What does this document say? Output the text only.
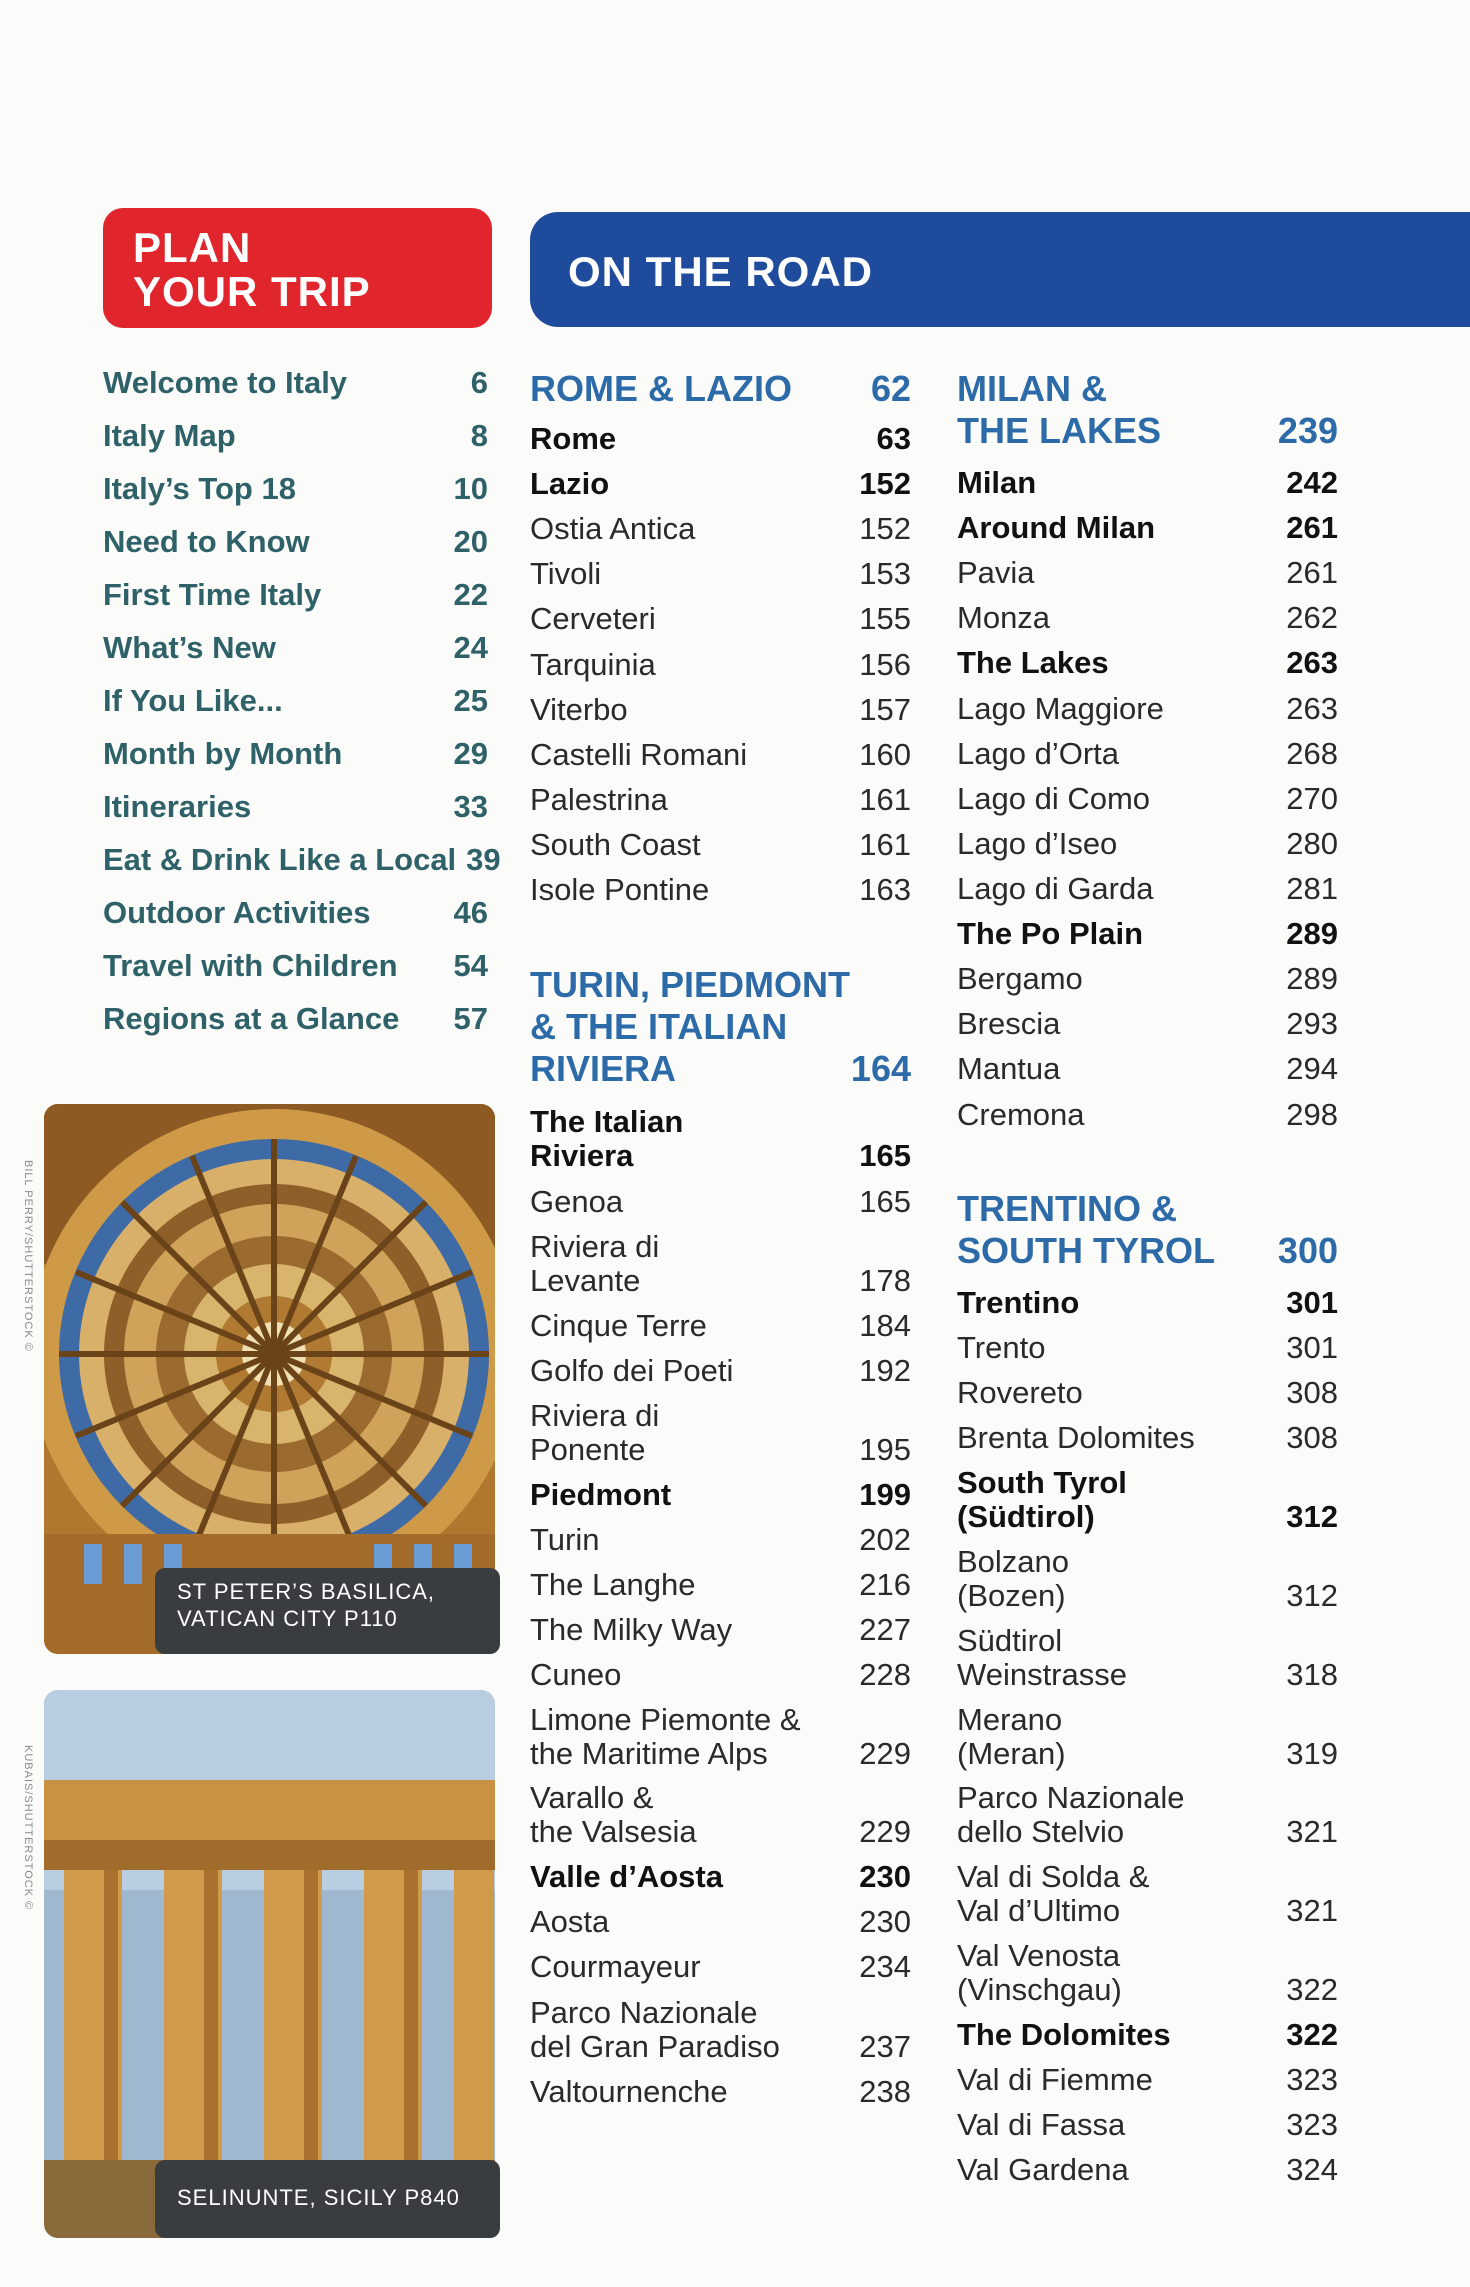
PLAN
YOUR TRIP	ON THE ROAD
Welcome to Italy . . .	6
Italy Map . . .	8
Italy’s Top 18 . . .	10
Need to Know . . .	20
First Time Italy . . .	22
What’s New . . .	24
If You Like... . . .	25
Month by Month . . .	29
Itineraries . . .	33
Eat & Drink Like a Local 39
Outdoor Activities . . .	46
Travel with Children . . . 54
Regions at a Glance . . . 57
ST PETER’S BASILICA,
VATICAN CITY P110
BILL PERRY/SHUTTERSTOCK ©
SELINUNTE, SICILY P840
KUBAIS/SHUTTERSTOCK ©
ROME & LAZIO . . . 62
Rome . . .	63
Lazio . . .	152
Ostia Antica . . .	152
Tivoli . . .	153
Cerveteri . . .	155
Tarquinia . . .	156
Viterbo . . .	157
Castelli Romani . . .	160
Palestrina . . .	161
South Coast . . .	161
Isole Pontine . . .	163
TURIN, PIEDMONT
& THE ITALIAN
RIVIERA . . .	164
The Italian
Riviera . . .	165
Genoa . . .	165
Riviera di
Levante . . .	178
Cinque Terre . . .	184
Golfo dei Poeti . . .	192
Riviera di
Ponente . . .	195
Piedmont . . .	199
Turin . . .	202
The Langhe . . .	216
The Milky Way . . .	227
Cuneo . . .	228
Limone Piemonte &
the Maritime Alps . . .	229
Varallo &
the Valsesia . . .	229
Valle d’Aosta . . .	230
Aosta . . .	230
Courmayeur . . .	234
Parco Nazionale
del Gran Paradiso . . .	237
Valtournenche . . .	238
MILAN &
THE LAKES . . .	239
Milan . . .	242
Around Milan . . .	261
Pavia . . .	261
Monza . . .	262
The Lakes . . .	263
Lago Maggiore . . .	263
Lago d’Orta . . .	268
Lago di Como . . .	270
Lago d’Iseo . . .	280
Lago di Garda . . .	281
The Po Plain . . .	289
Bergamo . . .	289
Brescia . . .	293
Mantua . . .	294
Cremona . . .	298
TRENTINO &
SOUTH TYROL . . . 300
Trentino . . .	301
Trento . . .	301
Rovereto . . .	308
Brenta Dolomites . . .	308
South Tyrol
(Südtirol) . . .	312
Bolzano
(Bozen) . . .	312
Südtirol
Weinstrasse . . .	318
Merano
(Meran) . . .	319
Parco Nazionale
dello Stelvio . . .	321
Val di Solda &
Val d’Ultimo . . .	321
Val Venosta
(Vinschgau) . . .	322
The Dolomites . . .	322
Val di Fiemme . . .	323
Val di Fassa . . .	323
Val Gardena . . .	324
